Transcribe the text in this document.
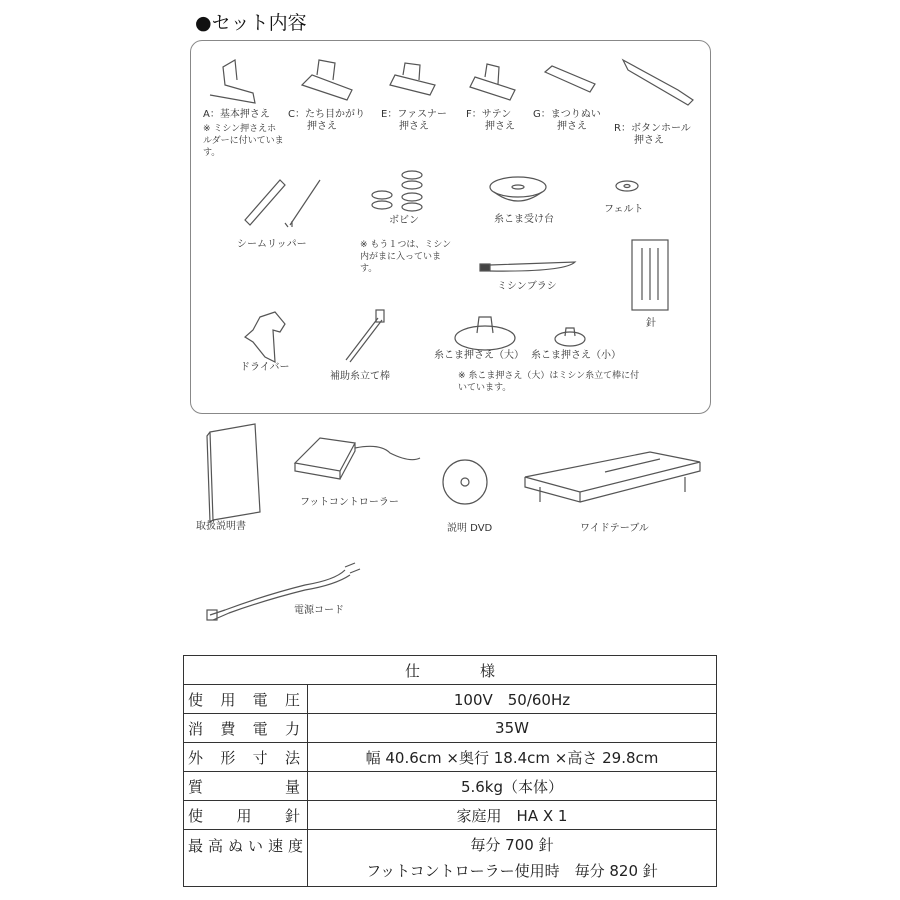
●セット内容
A：基本押さえ
※ ミシン押さえホルダーに付いています。
C：たち目かがり
押さえ
E：ファスナー
押さえ
F：サテン
押さえ
G：まつりぬい
押さえ	R：ボタンホール
押さえ
シームリッパー
ボビン
※ もう１つは、ミシン内がまに入っています。
糸こま受け台
フェルト
ミシンブラシ
針
ドライバー
補助糸立て棒
糸こま押さえ（大） 糸こま押さえ（小）
※ 糸こま押さえ（大）はミシン糸立て棒に付いています。
取扱説明書
フットコントローラー
説明 DVD	ワイドテーブル
電源コード
仕　　　　様	
使用電圧	100V　50/60Hz
消費電力	35W
外形寸法	幅 40.6cm ×奥行 18.4cm ×高さ 29.8cm
質量	5.6kg（本体）
使用針	家庭用　HA X 1
最高ぬい速度	毎分 700 針
フットコントローラー使用時　毎分 820 針
